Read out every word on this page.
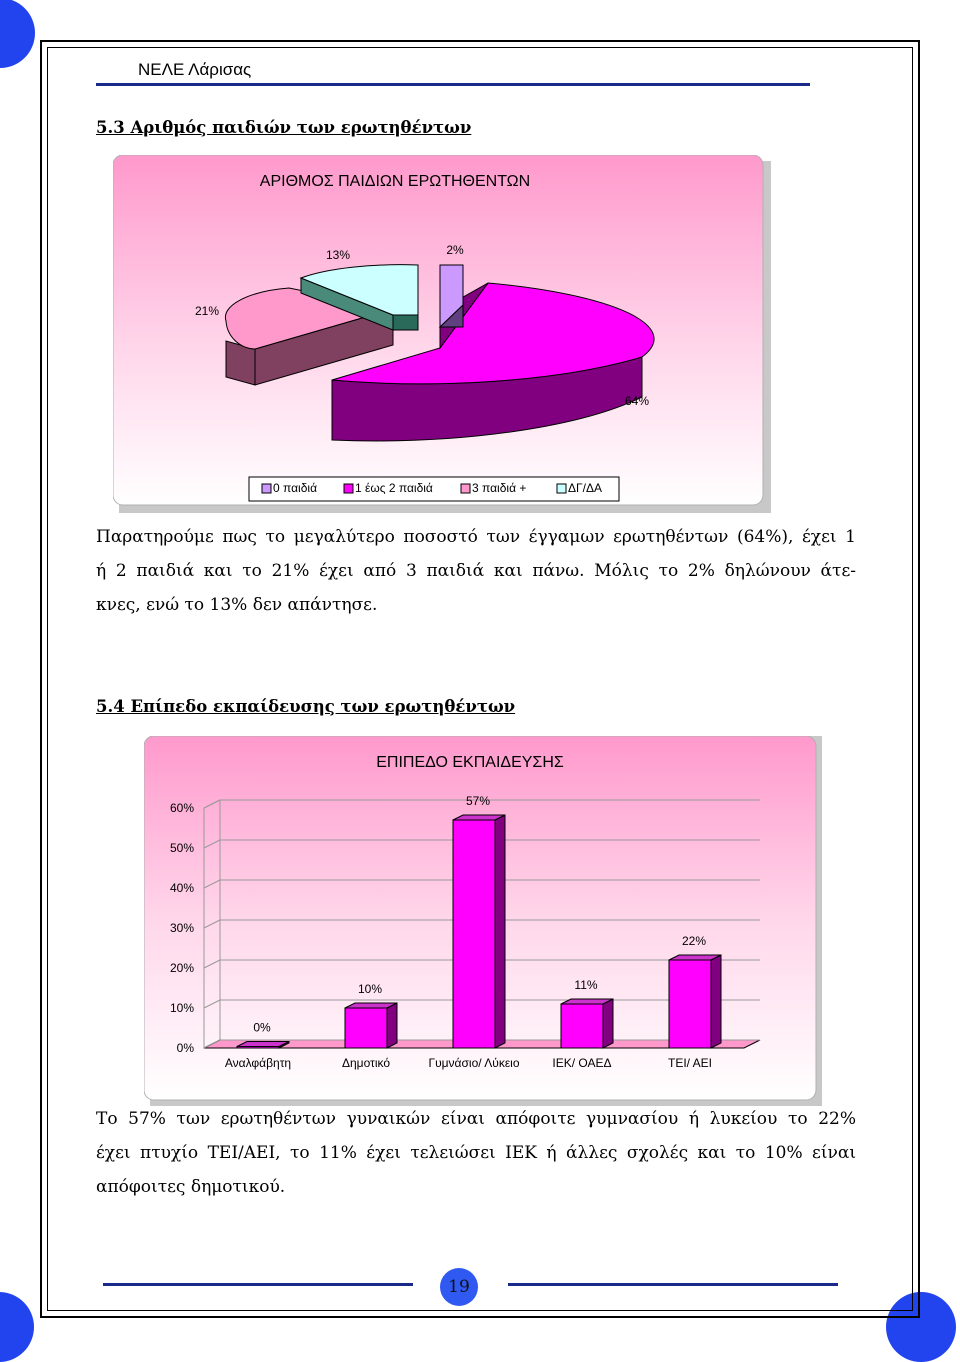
ΝΕΛΕ Λάρισας
5.3 Αριθμός παιδιών των ερωτηθέντων
ΑΡΙΘΜΟΣ ΠΑΙΔΙΩΝ ΕΡΩΤΗΘΕΝΤΩΝ
2%
64%
21%
13%
0 παιδιά	1 έως 2 παιδιά	3 παιδιά +	ΔΓ/ΔΑ
Παρατηρούμε πως το μεγαλύτερο ποσοστό των έγγαμων ερωτηθέντων (64%), έχει 1
ή 2 παιδιά και το 21% έχει από 3 παιδιά και πάνω. Μόλις το 2% δηλώνουν άτε-
κνες, ενώ το 13% δεν απάντησε.
5.4 Επίπεδο εκπαίδευσης των ερωτηθέντων
ΕΠΙΠΕΔΟ ΕΚΠΑΙΔΕΥΣΗΣ
0%
10%
20%
30%
40%
50%
60%
0%
Αναλφάβητη
10%
Δημοτικό
57%
Γυμνάσιο/ Λύκειο
11%
ΙΕΚ/ ΟΑΕΔ
22%
ΤΕΙ/ ΑΕΙ
Το 57% των ερωτηθέντων γυναικών είναι απόφοιτε γυμνασίου ή λυκείου το 22%
έχει πτυχίο ΤΕΙ/ΑΕΙ, το 11% έχει τελειώσει ΙΕΚ ή άλλες σχολές και το 10% είναι
απόφοιτες δημοτικού.
19
